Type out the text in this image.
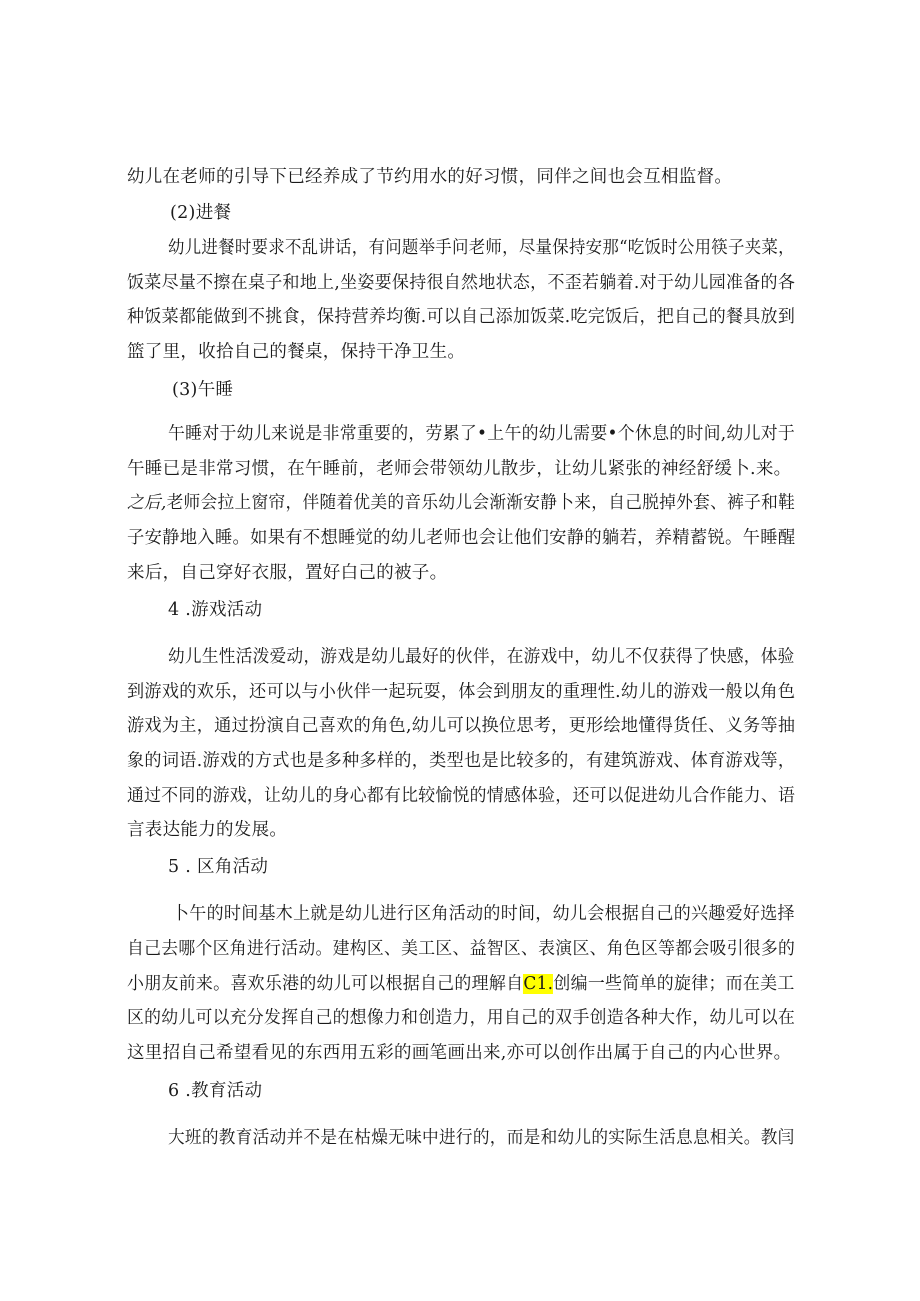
幼儿在老师的引导下已经养成了节约用水的好习惯，同伴之间也会互相监督。
(2)进餐
幼儿进餐时要求不乱讲话，有问题举手问老师，尽量保持安那“吃饭时公用筷子夹菜，
饭菜尽量不擦在桌子和地上,坐姿要保持很自然地状态，不歪若躺着.对于幼儿园准备的各
种饭菜都能做到不挑食，保持营养均衡.可以自己添加饭菜.吃完饭后，把自己的餐具放到
篮了里，收拾自己的餐桌，保持干净卫生。
(3)午睡
午睡对于幼儿来说是非常重要的，劳累了•上午的幼儿需要•个休息的时间,幼儿对于
午睡已是非常习惯，在午睡前，老师会带领幼儿散步，让幼儿紧张的神经舒缓卜.来。
之后,老师会拉上窗帘，伴随着优美的音乐幼儿会渐渐安静卜来，自己脱掉外套、裤子和鞋
子安静地入睡。如果有不想睡觉的幼儿老师也会让他们安静的躺若，养精蓄锐。午睡醒
来后，自己穿好衣服，置好白己的被子。
4 .游戏活动
幼儿生性活泼爱动，游戏是幼儿最好的伙伴，在游戏中，幼儿不仅获得了快感，体验
到游戏的欢乐，还可以与小伙伴一起玩耍，体会到朋友的重理性.幼儿的游戏一般以角色
游戏为主，通过扮演自己喜欢的角色,幼儿可以换位思考，更形绘地懂得货任、义务等抽
象的词语.游戏的方式也是多种多样的，类型也是比较多的，有建筑游戏、体育游戏等，
通过不同的游戏，让幼儿的身心都有比较愉悦的情感体验，还可以促进幼儿合作能力、语
言表达能力的发展。
5 . 区角活动
卜午的时间基木上就是幼儿进行区角活动的时间，幼儿会根据自己的兴趣爱好选择
自己去哪个区角进行活动。建构区、美工区、益智区、表演区、角色区等都会吸引很多的
小朋友前来。喜欢乐港的幼儿可以根据自己的理解自C1.创编一些简单的旋律；而在美工
区的幼儿可以充分发挥自己的想像力和创造力，用自己的双手创造各种大作，幼儿可以在
这里招自己希望看见的东西用五彩的画笔画出来,亦可以创作出属于自己的内心世界。
6 .教育活动
大班的教育活动并不是在枯燥无味中进行的，而是和幼儿的实际生活息息相关。教闫
